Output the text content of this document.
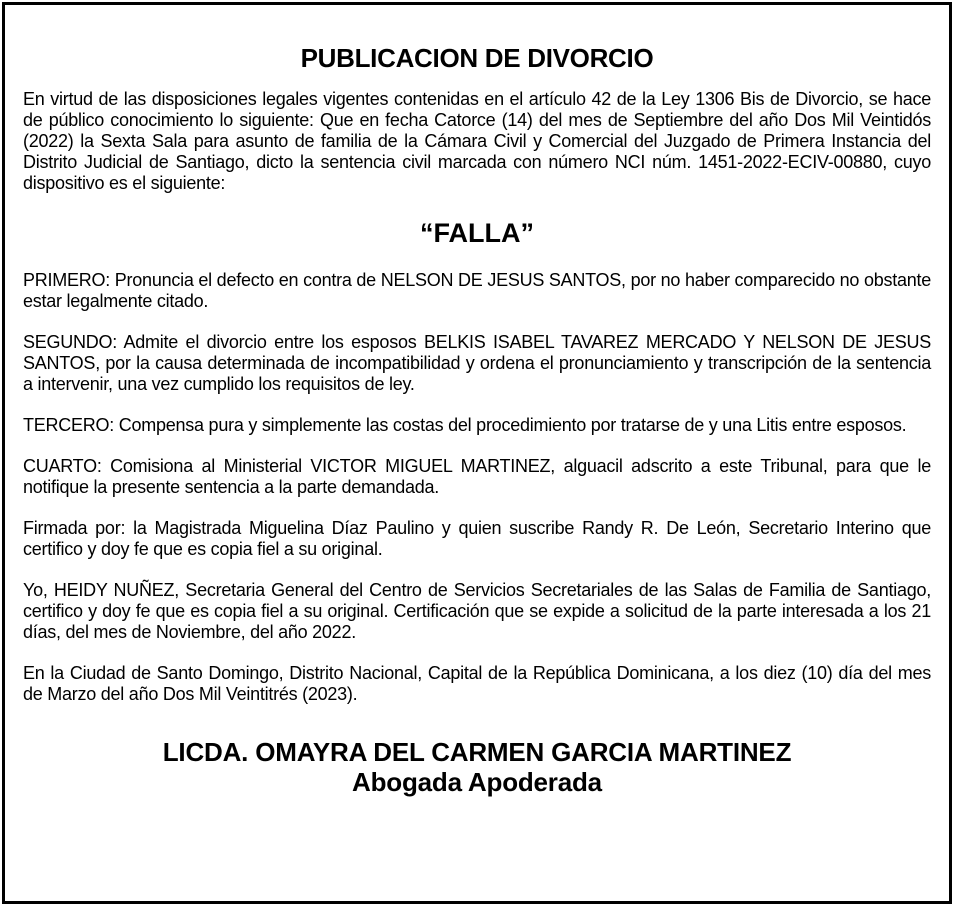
PUBLICACION DE DIVORCIO
En virtud de las disposiciones legales vigentes contenidas en el artículo 42 de la Ley 1306 Bis de Divorcio, se hace de público conocimiento lo siguiente: Que en fecha Catorce (14) del mes de Septiembre del año Dos Mil Veintidós (2022) la Sexta Sala para asunto de familia de la Cámara Civil y Comercial del Juzgado de Primera Instancia del Distrito Judicial de Santiago, dicto la sentencia civil marcada con número NCI núm. 1451-2022-ECIV-00880, cuyo dispositivo es el siguiente:
“FALLA”
PRIMERO: Pronuncia el defecto en contra de NELSON DE JESUS SANTOS, por no haber comparecido no obstante estar legalmente citado.
SEGUNDO: Admite el divorcio entre los esposos BELKIS ISABEL TAVAREZ MERCADO Y NELSON DE JESUS SANTOS, por la causa determinada de incompatibilidad y ordena el pronunciamiento y transcripción de la sentencia a intervenir, una vez cumplido los requisitos de ley.
TERCERO: Compensa pura y simplemente las costas del procedimiento por tratarse de y una Litis entre esposos.
CUARTO: Comisiona al Ministerial VICTOR MIGUEL MARTINEZ, alguacil adscrito a este Tribunal, para que le notifique la presente sentencia a la parte demandada.
Firmada por: la Magistrada Miguelina Díaz Paulino y quien suscribe Randy R. De León, Secretario Interino que certifico y doy fe que es copia fiel a su original.
Yo, HEIDY NUÑEZ, Secretaria General del Centro de Servicios Secretariales de las Salas de Familia de Santiago, certifico y doy fe que es copia fiel a su original. Certificación que se expide a solicitud de la parte interesada a los 21 días, del mes de Noviembre, del año 2022.
En la Ciudad de Santo Domingo, Distrito Nacional, Capital de la República Dominicana, a los diez (10) día del mes de Marzo del año Dos Mil Veintitrés (2023).
LICDA. OMAYRA DEL CARMEN GARCIA MARTINEZ
Abogada Apoderada
